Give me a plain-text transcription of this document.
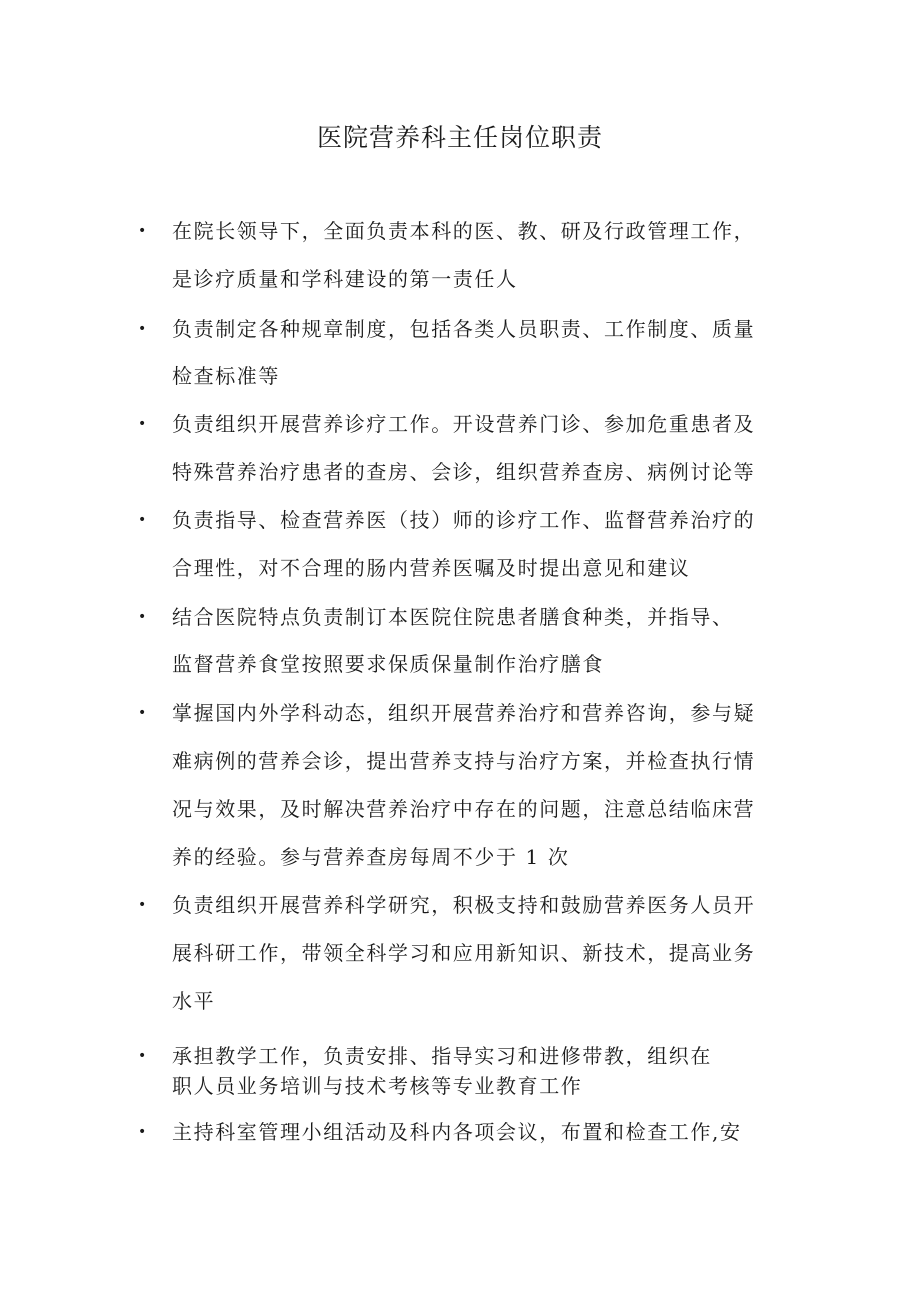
医院营养科主任岗位职责
• 在院长领导下，全面负责本科的医、教、研及行政管理工作，
是诊疗质量和学科建设的第一责任人
• 负责制定各种规章制度，包括各类人员职责、工作制度、质量
检查标准等
• 负责组织开展营养诊疗工作。开设营养门诊、参加危重患者及
特殊营养治疗患者的查房、会诊，组织营养查房、病例讨论等
• 负责指导、检查营养医（技）师的诊疗工作、监督营养治疗的
合理性，对不合理的肠内营养医嘱及时提出意见和建议
• 结合医院特点负责制订本医院住院患者膳食种类，并指导、
监督营养食堂按照要求保质保量制作治疗膳食
• 掌握国内外学科动态，组织开展营养治疗和营养咨询，参与疑
难病例的营养会诊，提出营养支持与治疗方案，并检查执行情
况与效果，及时解决营养治疗中存在的问题，注意总结临床营
养的经验。参与营养查房每周不少于 1 次
• 负责组织开展营养科学研究，积极支持和鼓励营养医务人员开
展科研工作，带领全科学习和应用新知识、新技术，提高业务
水平
• 承担教学工作，负责安排、指导实习和进修带教，组织在
职人员业务培训与技术考核等专业教育工作
• 主持科室管理小组活动及科内各项会议，布置和检查工作,安
